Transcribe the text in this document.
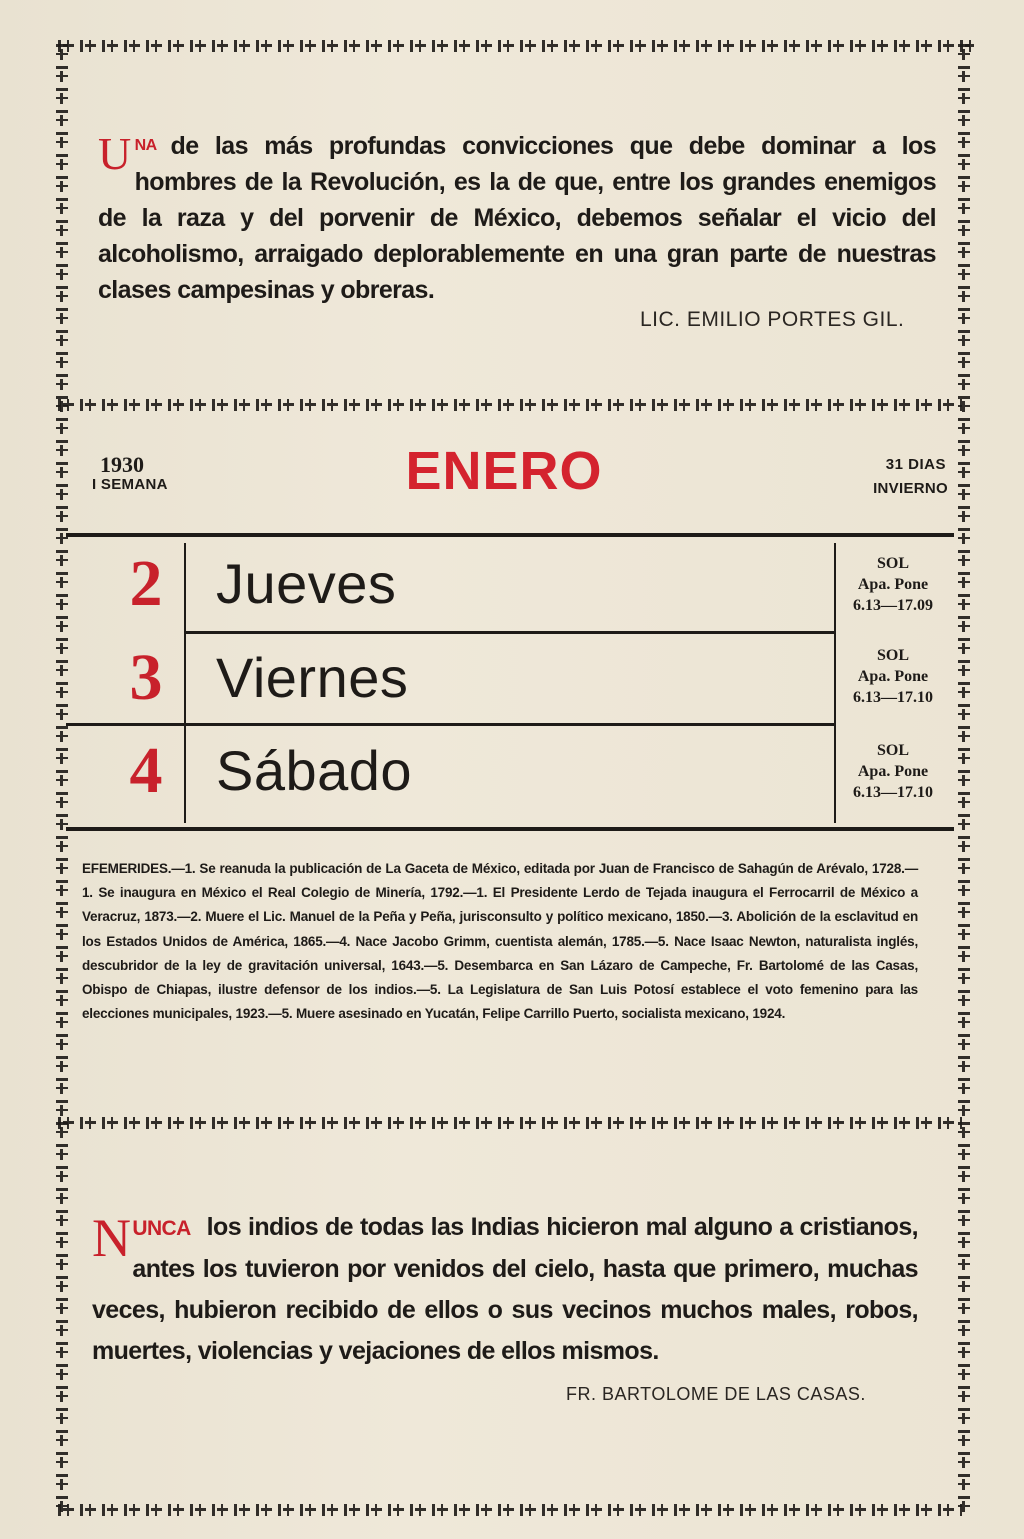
U $^{NA}$ de las más profundas convicciones que debe dominar a los hombres de la Revolución, es la de que, entre los grandes enemigos de la raza y del porvenir de México, debemos señalar el vicio del alcoholismo, arraigado deplorablemente en una gran parte de nuestras clases campesinas y obreras.
LIC. EMILIO PORTES GIL.
1930
I SEMANA	ENERO	31 DIAS
INVIERNO
2 Jueves	SOL
Apa. Pone
6.13—17.09
3 Viernes	SOL
Apa. Pone
6.13—17.10
4 Sábado	SOL
Apa. Pone
6.13—17.10
EFEMERIDES.—1. Se reanuda la publicación de La Gaceta de México, editada por Juan de Francisco de Sahagún de Arévalo, 1728.—1. Se inaugura en México el Real Colegio de Minería, 1792.—1. El Presidente Lerdo de Tejada inaugura el Ferrocarril de México a Veracruz, 1873.—2. Muere el Lic. Manuel de la Peña y Peña, jurisconsulto y político mexicano, 1850.—3. Abolición de la esclavitud en los Estados Unidos de América, 1865.—4. Nace Jacobo Grimm, cuentista alemán, 1785.—5. Nace Isaac Newton, naturalista inglés, descubridor de la ley de gravitación universal, 1643.—5. Desembarca en San Lázaro de Campeche, Fr. Bartolomé de las Casas, Obispo de Chiapas, ilustre defensor de los indios.—5. La Legislatura de San Luis Potosí establece el voto femenino para las elecciones municipales, 1923.—5. Muere asesinado en Yucatán, Felipe Carrillo Puerto, socialista mexicano, 1924.
NUNCA los indios de todas las Indias hicieron mal alguno a cristianos, antes los tuvieron por venidos del cielo, hasta que primero, muchas veces, hubieron recibido de ellos o sus vecinos muchos males, robos, muertes, violencias y vejaciones de ellos mismos.
FR. BARTOLOME DE LAS CASAS.
